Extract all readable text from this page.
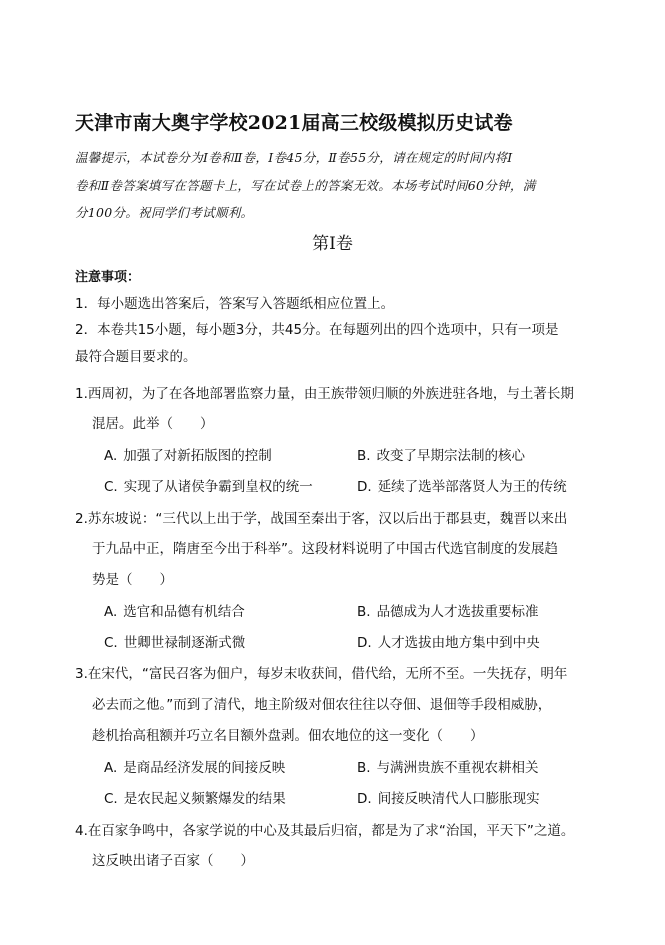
天津市南大奥宇学校2021届高三校级模拟历史试卷
温馨提示，本试卷分为Ⅰ卷和Ⅱ卷，Ⅰ卷45分，Ⅱ卷55分，请在规定的时间内将Ⅰ
卷和Ⅱ卷答案填写在答题卡上，写在试卷上的答案无效。本场考试时间60分钟，满
分100分。祝同学们考试顺利。
第Ⅰ卷
注意事项：
1．每小题选出答案后，答案写入答题纸相应位置上。
2．本卷共15小题，每小题3分，共45分。在每题列出的四个选项中，只有一项是
最符合题目要求的。
1.西周初，为了在各地部署监察力量，由王族带领归顺的外族进驻各地，与土著长期
混居。此举（　　）
A. 加强了对新拓版图的控制	B. 改变了早期宗法制的核心
C. 实现了从诸侯争霸到皇权的统一	D. 延续了选举部落贤人为王的传统
2.苏东坡说：“三代以上出于学，战国至秦出于客，汉以后出于郡县吏，魏晋以来出
于九品中正，隋唐至今出于科举”。这段材料说明了中国古代选官制度的发展趋
势是（　　）
A. 选官和品德有机结合	B. 品德成为人才选拔重要标准
C. 世卿世禄制逐渐式微	D. 人才选拔由地方集中到中央
3.在宋代，“富民召客为佃户，每岁末收获间，借代给，无所不至。一失抚存，明年
必去而之他。”而到了清代，地主阶级对佃农往往以夺佃、退佃等手段相威胁，
趁机抬高租额并巧立名目额外盘剥。佃农地位的这一变化（　　）
A. 是商品经济发展的间接反映	B. 与满洲贵族不重视农耕相关
C. 是农民起义频繁爆发的结果	D. 间接反映清代人口膨胀现实
4.在百家争鸣中，各家学说的中心及其最后归宿，都是为了求“治国，平天下”之道。
这反映出诸子百家（　　）
